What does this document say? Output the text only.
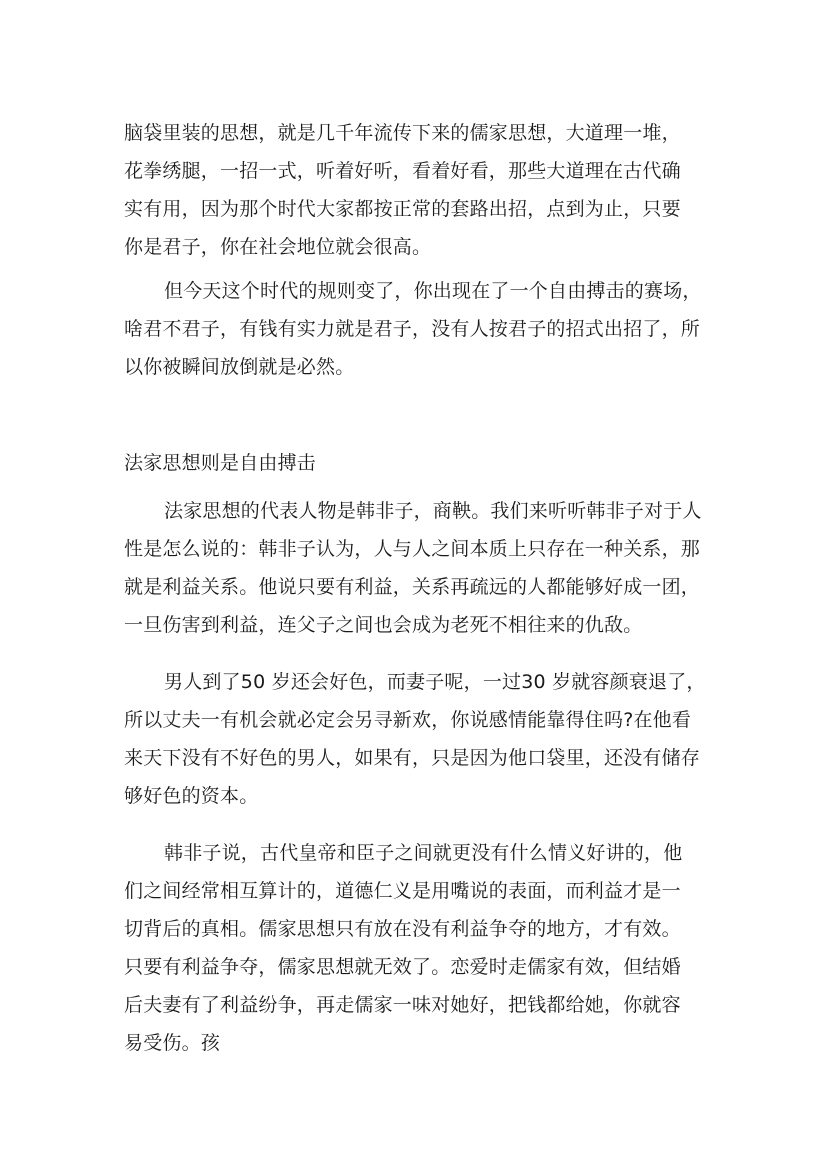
脑袋里装的思想，就是几千年流传下来的儒家思想，大道理一堆，
花拳绣腿，一招一式，听着好听，看着好看，那些大道理在古代确
实有用，因为那个时代大家都按正常的套路出招，点到为止，只要
你是君子，你在社会地位就会很高。
但今天这个时代的规则变了，你出现在了一个自由搏击的赛场，
啥君不君子，有钱有实力就是君子，没有人按君子的招式出招了，所
以你被瞬间放倒就是必然。
法家思想则是自由搏击
法家思想的代表人物是韩非子，商鞅。我们来听听韩非子对于人
性是怎么说的：韩非子认为，人与人之间本质上只存在一种关系，那
就是利益关系。他说只要有利益，关系再疏远的人都能够好成一团，
一旦伤害到利益，连父子之间也会成为老死不相往来的仇敌。
男人到了50 岁还会好色，而妻子呢，一过30 岁就容颜衰退了，
所以丈夫一有机会就必定会另寻新欢，你说感情能靠得住吗?在他看
来天下没有不好色的男人，如果有，只是因为他口袋里，还没有储存
够好色的资本。
韩非子说，古代皇帝和臣子之间就更没有什么情义好讲的，他
们之间经常相互算计的，道德仁义是用嘴说的表面，而利益才是一
切背后的真相。儒家思想只有放在没有利益争夺的地方，才有效。
只要有利益争夺，儒家思想就无效了。恋爱时走儒家有效，但结婚
后夫妻有了利益纷争，再走儒家一味对她好，把钱都给她，你就容
易受伤。孩
